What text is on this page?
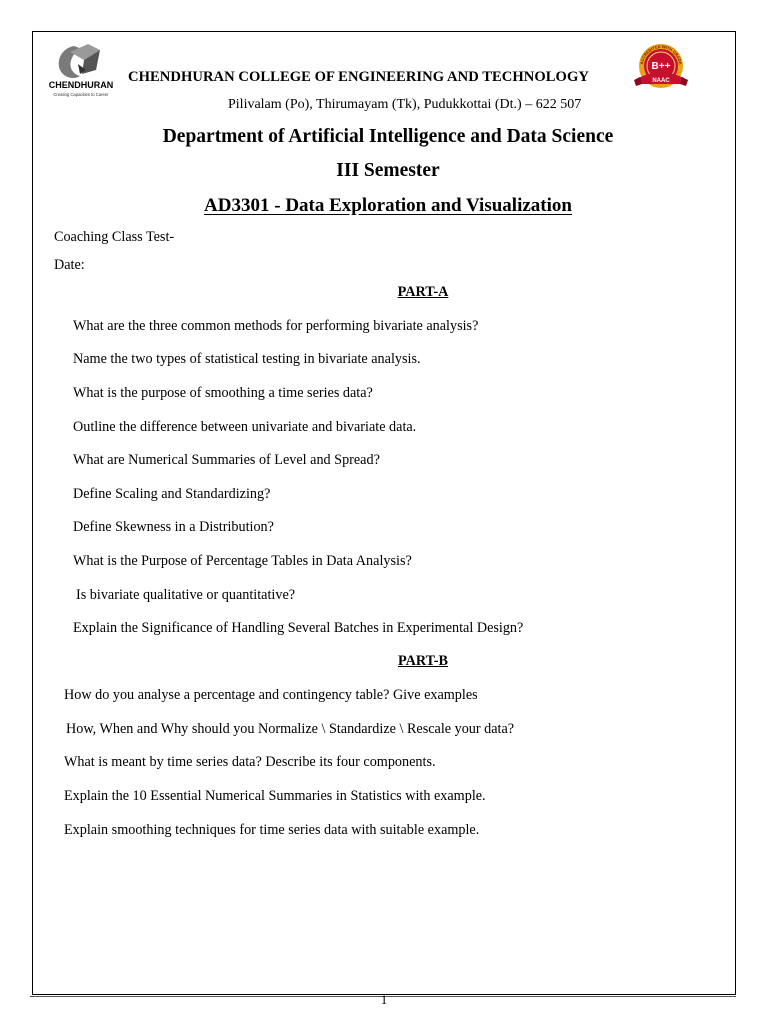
CHENDHURAN
Creating Capacities to Career
CHENDHURAN COLLEGE OF ENGINEERING AND TECHNOLOGY
Pilivalam (Po), Thirumayam (Tk), Pudukkottai (Dt.) – 622 507
ACCREDITED WITH GRADE
B++
NAAC
Department of Artificial Intelligence and Data Science
III Semester
AD3301 - Data Exploration and Visualization
Coaching Class Test-
Date:
PART-A
What are the three common methods for performing bivariate analysis?
Name the two types of statistical testing in bivariate analysis.
What is the purpose of smoothing a time series data?
Outline the difference between univariate and bivariate data.
What are Numerical Summaries of Level and Spread?
Define Scaling and Standardizing?
Define Skewness in a Distribution?
What is the Purpose of Percentage Tables in Data Analysis?
Is bivariate qualitative or quantitative?
Explain the Significance of Handling Several Batches in Experimental Design?
PART-B
How do you analyse a percentage and contingency table? Give examples
How, When and Why should you Normalize \ Standardize \ Rescale your data?
What is meant by time series data? Describe its four components.
Explain the 10 Essential Numerical Summaries in Statistics with example.
Explain smoothing techniques for time series data with suitable example.
1
